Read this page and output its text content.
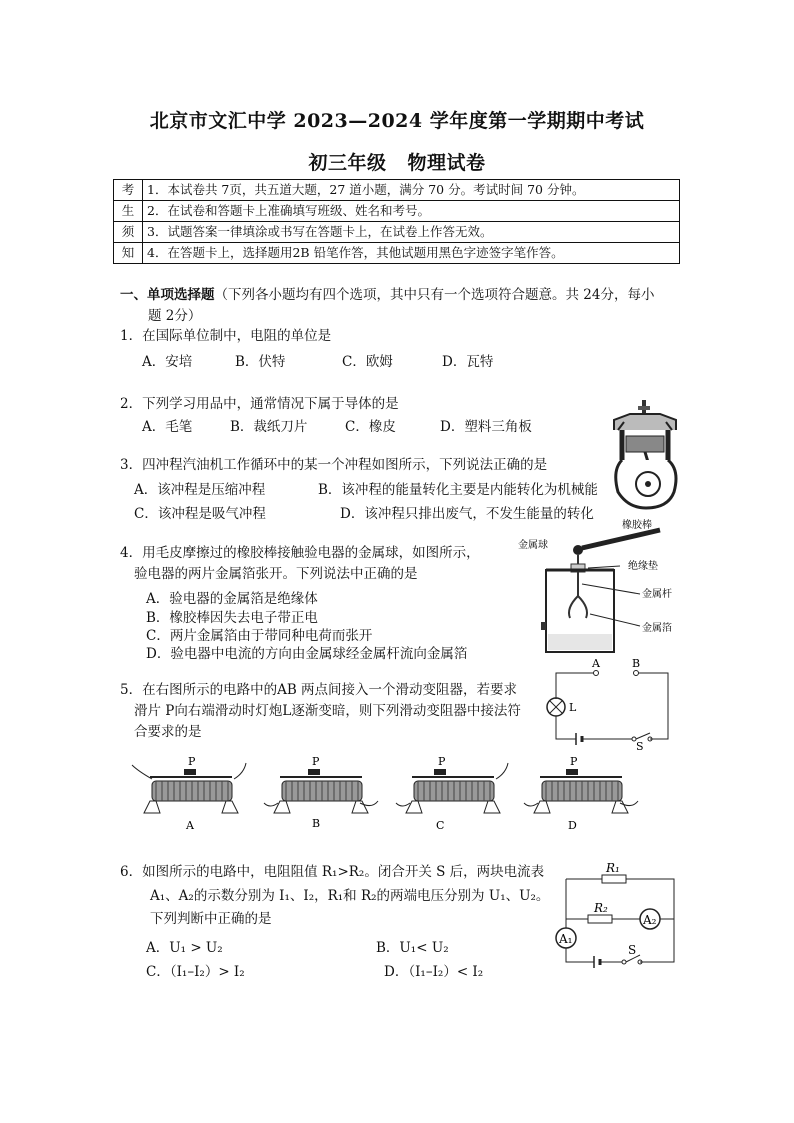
北京市文汇中学 2023—2024 学年度第一学期期中考试
初三年级 物理试卷
考	1．本试卷共 7页，共五道大题，27 道小题，满分 70 分。考试时间 70 分钟。
生	2．在试卷和答题卡上准确填写班级、姓名和考号。
须	3．试题答案一律填涂或书写在答题卡上，在试卷上作答无效。
知	4．在答题卡上，选择题用2B 铅笔作答，其他试题用黑色字迹签字笔作答。
一、单项选择题（下列各小题均有四个选项，其中只有一个选项符合题意。共 24分，每小
题 2分）
1．在国际单位制中，电阻的单位是
A．安培	B．伏特	C．欧姆	D．瓦特
2．下列学习用品中，通常情况下属于导体的是
A．毛笔	B．裁纸刀片	C．橡皮	D．塑料三角板
3．四冲程汽油机工作循环中的某一个冲程如图所示，下列说法正确的是
A．该冲程是压缩冲程	B．该冲程的能量转化主要是内能转化为机械能
C．该冲程是吸气冲程	D．该冲程只排出废气，不发生能量的转化
4．用毛皮摩擦过的橡胶棒接触验电器的金属球，如图所示，
验电器的两片金属箔张开。下列说法中正确的是
A．验电器的金属箔是绝缘体
B．橡胶棒因失去电子带正电
C．两片金属箔由于带同种电荷而张开
D．验电器中电流的方向由金属球经金属杆流向金属箔
橡胶棒
金属球
绝缘垫
金属杆
金属箔
5．在右图所示的电路中的AB 两点间接入一个滑动变阻器，若要求
滑片 P向右端滑动时灯炮L逐渐变暗，则下列滑动变阻器中接法符
合要求的是
A	B
L
S
P
A
P
B
P
C
P
D
6．如图所示的电路中，电阻阻值 R₁>R₂。闭合开关 S 后，两块电流表
A₁、A₂的示数分别为 I₁、I₂，R₁和 R₂的两端电压分别为 U₁、U₂。
下列判断中正确的是
A．U₁ > U₂	B．U₁< U₂
C．（I₁–I₂）> I₂	D．（I₁–I₂）< I₂
R₁
R₂
A₂
A₁
S
